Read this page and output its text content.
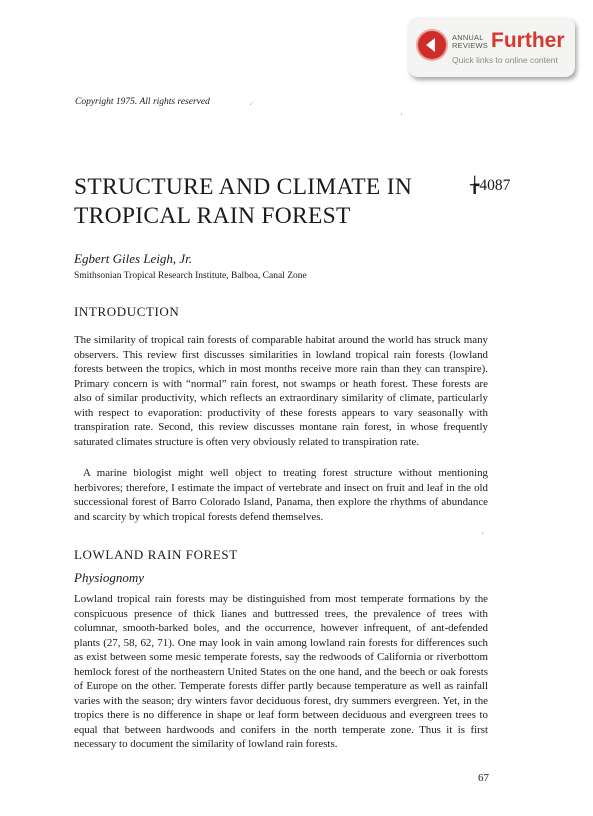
ANNUAL
REVIEWS Further
Quick links to online content
Copyright 1975. All rights reserved	,·
,
STRUCTURE AND CLIMATE IN
TROPICAL RAIN FOREST
╆4087
Egbert Giles Leigh, Jr.
Smithsonian Tropical Research Institute, Balboa, Canal Zone
INTRODUCTION

The similarity of tropical rain forests of comparable habitat around the world has struck many observers. This review first discusses similarities in lowland tropical rain forests (lowland forests between the tropics, which in most months receive more rain than they can transpire). Primary concern is with “normal” rain forest, not swamps or heath forest. These forests are also of similar productivity, which reflects an extraordinary similarity of climate, particularly with respect to evaporation: productivity of these forests appears to vary seasonally with transpiration rate. Second, this review discusses montane rain forest, in whose frequently saturated climates structure is often very obviously related to transpiration rate.

A marine biologist might well object to treating forest structure without mentioning herbivores; therefore, I estimate the impact of vertebrate and insect on fruit and leaf in the old successional forest of Barro Colorado Island, Panama, then explore the rhythms of abundance and scarcity by which tropical forests defend themselves.

,
LOWLAND RAIN FOREST
Physiognomy

Lowland tropical rain forests may be distinguished from most temperate formations by the conspicuous presence of thick lianes and buttressed trees, the prevalence of trees with columnar, smooth-barked boles, and the occurrence, however infrequent, of ant-defended plants (27, 58, 62, 71). One may look in vain among lowland rain forests for differences such as exist between some mesic temperate forests, say the redwoods of California or riverbottom hemlock forest of the northeastern United States on the one hand, and the beech or oak forests of Europe on the other. Temperate forests differ partly because temperature as well as rainfall varies with the season; dry winters favor deciduous forest, dry summers evergreen. Yet, in the tropics there is no difference in shape or leaf form between deciduous and evergreen trees to equal that between hardwoods and conifers in the north temperate zone. Thus it is first necessary to document the similarity of lowland rain forests.

67
